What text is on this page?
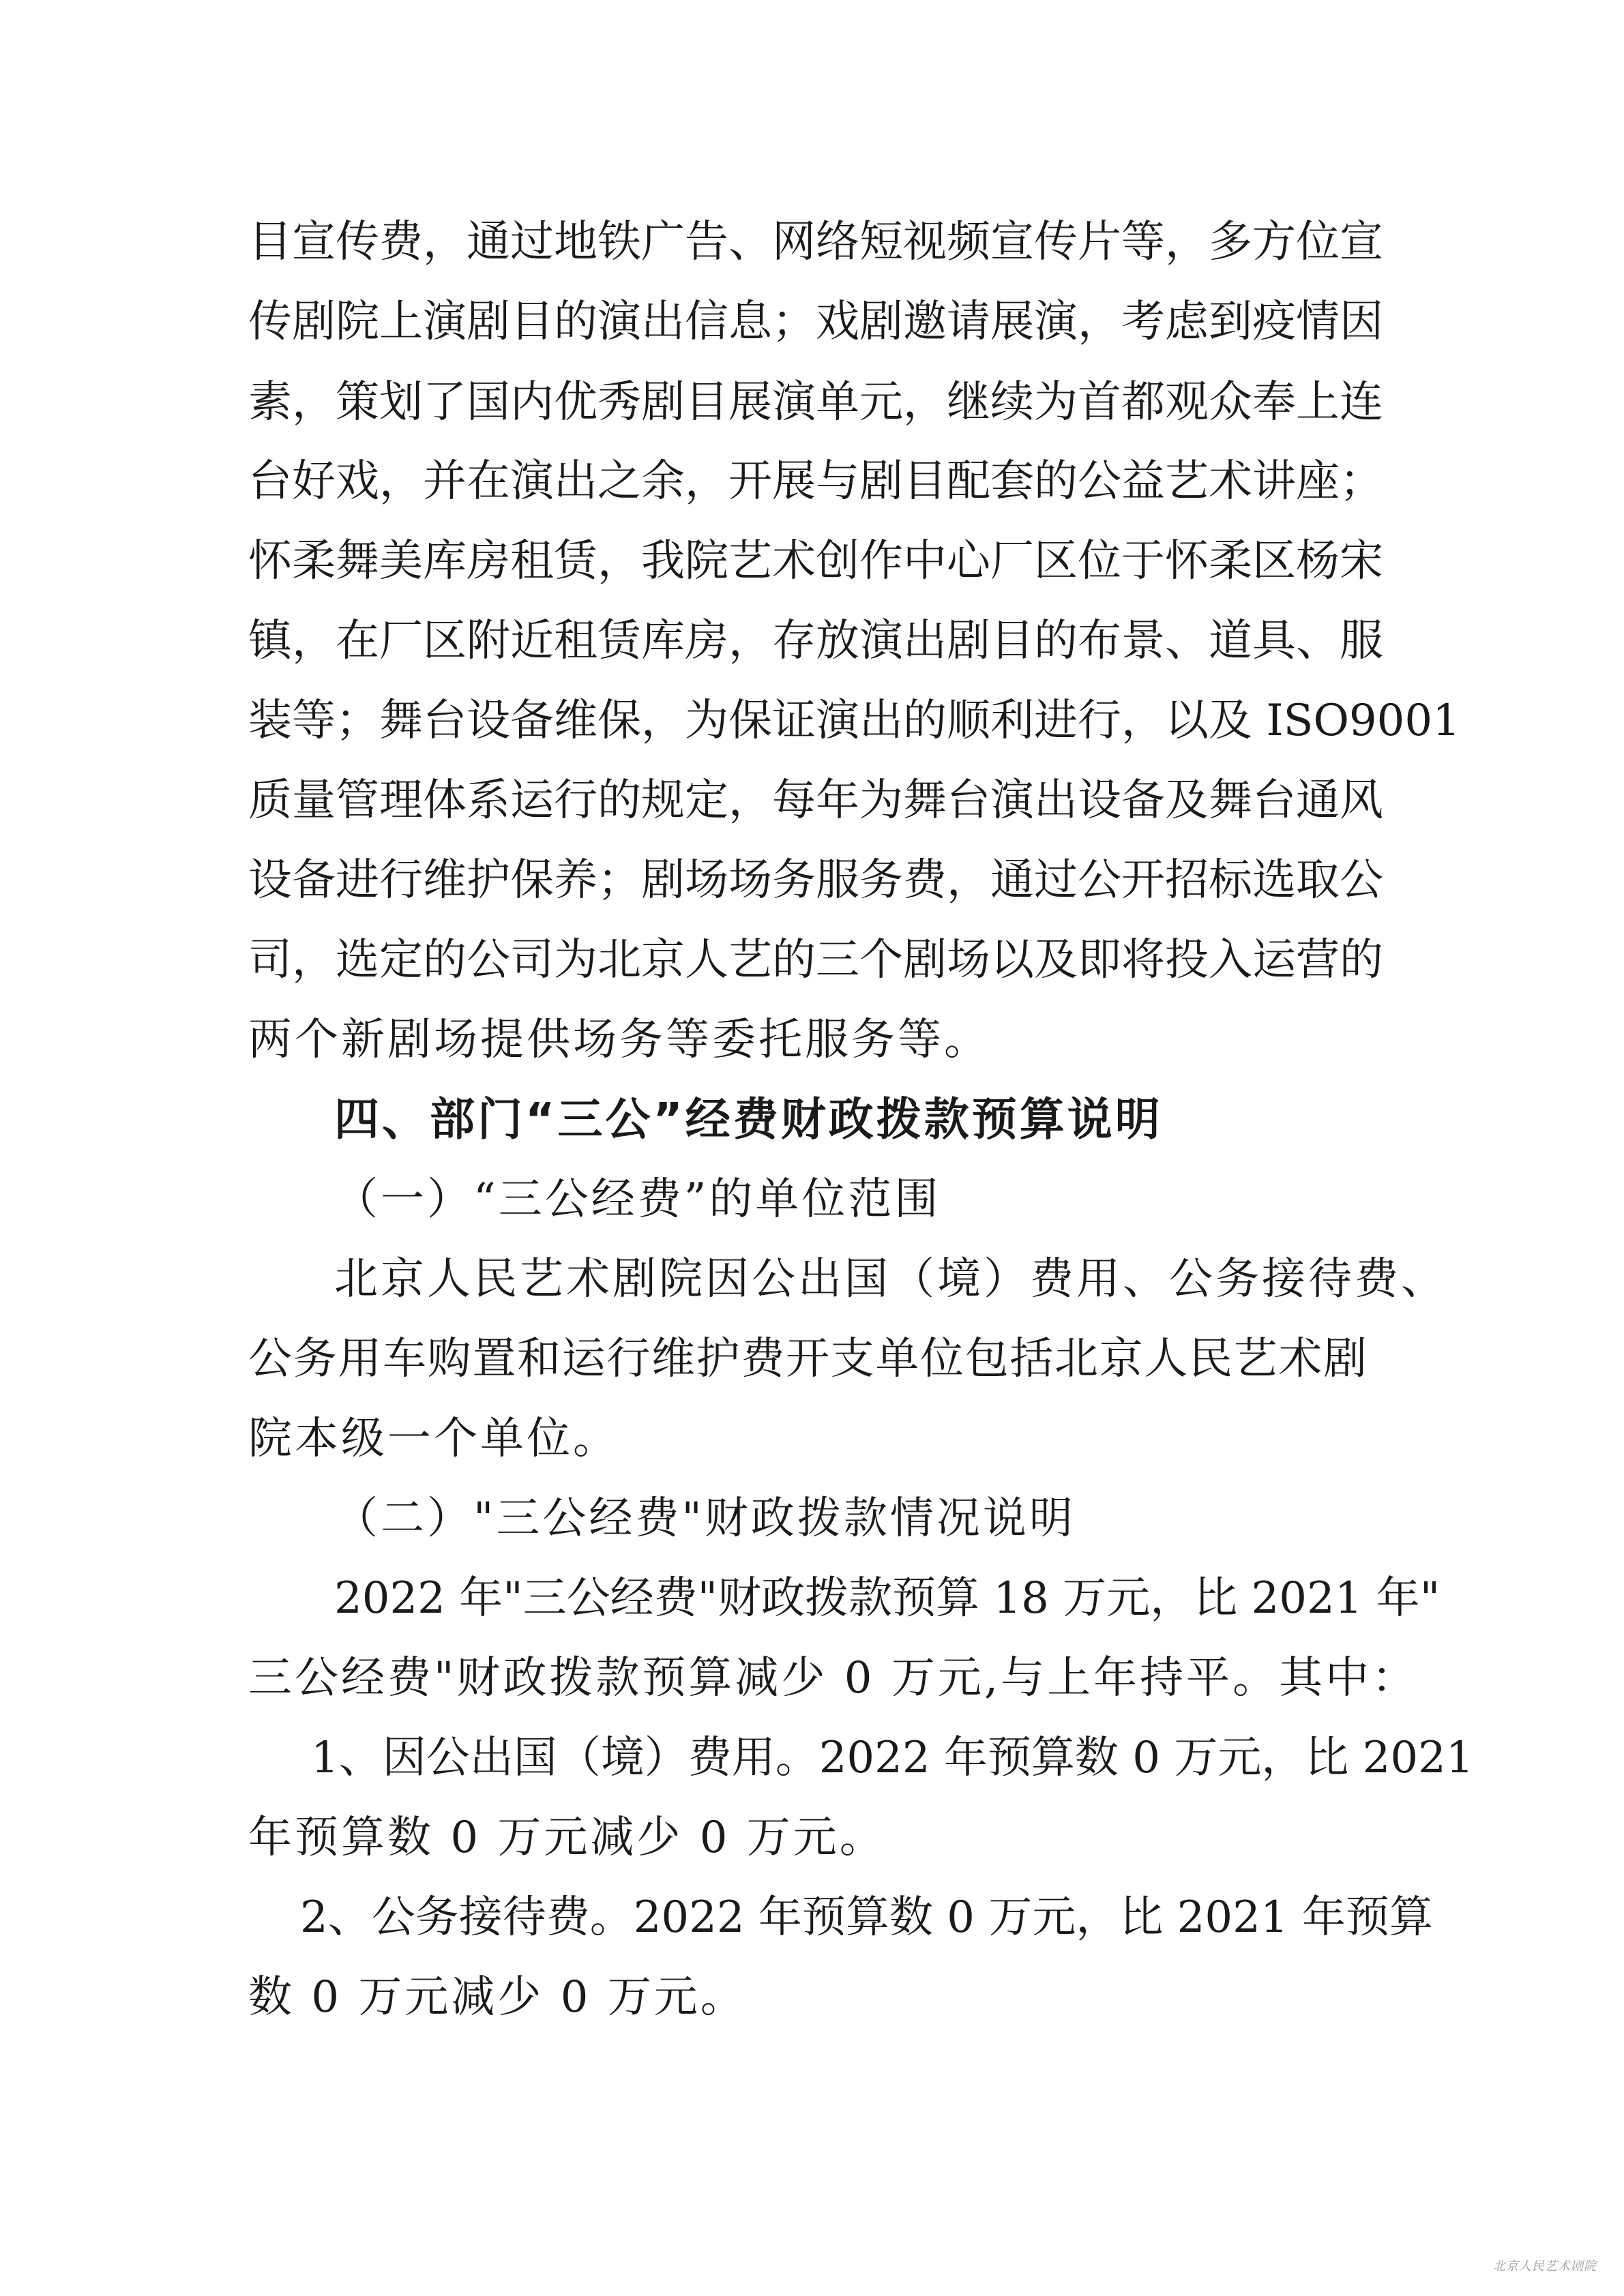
目宣传费，通过地铁广告、网络短视频宣传片等，多方位宣
传剧院上演剧目的演出信息；戏剧邀请展演，考虑到疫情因
素，策划了国内优秀剧目展演单元，继续为首都观众奉上连
台好戏，并在演出之余，开展与剧目配套的公益艺术讲座；
怀柔舞美库房租赁，我院艺术创作中心厂区位于怀柔区杨宋
镇，在厂区附近租赁库房，存放演出剧目的布景、道具、服
装等；舞台设备维保，为保证演出的顺利进行，以及 ISO9001
质量管理体系运行的规定，每年为舞台演出设备及舞台通风
设备进行维护保养；剧场场务服务费，通过公开招标选取公
司，选定的公司为北京人艺的三个剧场以及即将投入运营的
两个新剧场提供场务等委托服务等。
四、部门“三公”经费财政拨款预算说明
（一）“三公经费”的单位范围
北京人民艺术剧院因公出国（境）费用、公务接待费、
公务用车购置和运行维护费开支单位包括北京人民艺术剧
院本级一个单位。
（二）"三公经费"财政拨款情况说明
2022 年"三公经费"财政拨款预算 18 万元，比 2021 年"
三公经费"财政拨款预算减少 0 万元,与上年持平。其中：
1、因公出国（境）费用。2022 年预算数 0 万元，比 2021
年预算数 0 万元减少 0 万元。
2、公务接待费。2022 年预算数 0 万元，比 2021 年预算
数 0 万元减少 0 万元。
北京人民艺术剧院
